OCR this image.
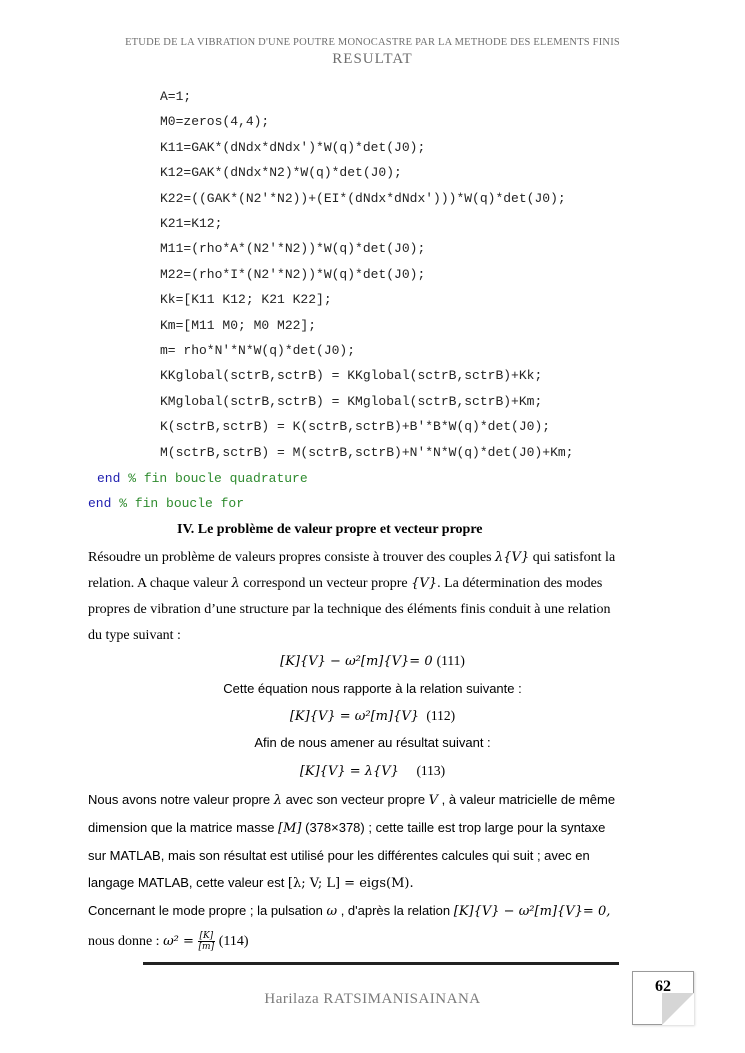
ETUDE DE LA VIBRATION D'UNE POUTRE MONOCASTRE PAR LA METHODE DES ELEMENTS FINIS
RESULTAT
A=1;
M0=zeros(4,4);
K11=GAK*(dNdx*dNdx')*W(q)*det(J0);
K12=GAK*(dNdx*N2)*W(q)*det(J0);
K22=((GAK*(N2'*N2))+(EI*(dNdx*dNdx')))*W(q)*det(J0);
K21=K12;
M11=(rho*A*(N2'*N2))*W(q)*det(J0);
M22=(rho*I*(N2'*N2))*W(q)*det(J0);
Kk=[K11 K12; K21 K22];
Km=[M11 M0; M0 M22];
m= rho*N'*N*W(q)*det(J0);
KKglobal(sctrB,sctrB) = KKglobal(sctrB,sctrB)+Kk;
KMglobal(sctrB,sctrB) = KMglobal(sctrB,sctrB)+Km;
K(sctrB,sctrB) = K(sctrB,sctrB)+B'*B*W(q)*det(J0);
M(sctrB,sctrB) = M(sctrB,sctrB)+N'*N*W(q)*det(J0)+Km;
end % fin boucle quadrature
end % fin boucle for
IV. Le problème de valeur propre et vecteur propre
Résoudre un problème de valeurs propres consiste à trouver des couples λ{V} qui satisfont la
relation. A chaque valeur λ correspond un vecteur propre {V}. La détermination des modes
propres de vibration d’une structure par la technique des éléments finis conduit à une relation
du type suivant :
[K]{V} − ω²[m]{V}= 0 (111)
Cette équation nous rapporte à la relation suivante :
[K]{V} = ω²[m]{V} (112)
Afin de nous amener au résultat suivant :
[K]{V} = λ{V} (113)
Nous avons notre valeur propre λ avec son vecteur propre V , à valeur matricielle de même
dimension que la matrice masse [M] (378×378) ; cette taille est trop large pour la syntaxe
sur MATLAB, mais son résultat est utilisé pour les différentes calcules qui suit ; avec en
langage MATLAB, cette valeur est [λ; V; L] = eigs(M).
Concernant le mode propre ; la pulsation ω , d'après la relation [K]{V} − ω²[m]{V}= 0,
nous donne : $\omega^2 = \frac{[K]}{[m]} (114)$
Harilaza RATSIMANISAINANA
62
